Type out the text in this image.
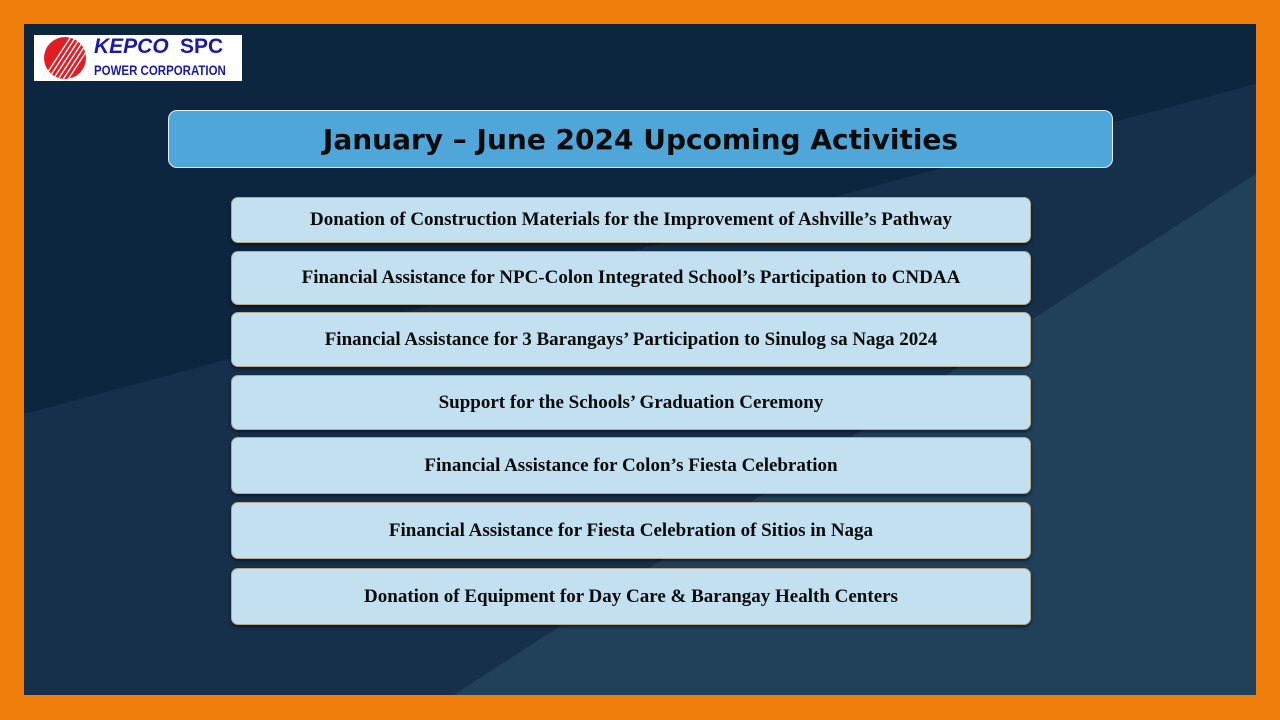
KEPCO SPC
POWER CORPORATION
January – June 2024 Upcoming Activities
Donation of Construction Materials for the Improvement of Ashville’s Pathway
Financial Assistance for NPC-Colon Integrated School’s Participation to CNDAA
Financial Assistance for 3 Barangays’ Participation to Sinulog sa Naga 2024
Support for the Schools’ Graduation Ceremony
Financial Assistance for Colon’s Fiesta Celebration
Financial Assistance for Fiesta Celebration of Sitios in Naga
Donation of Equipment for Day Care & Barangay Health Centers
